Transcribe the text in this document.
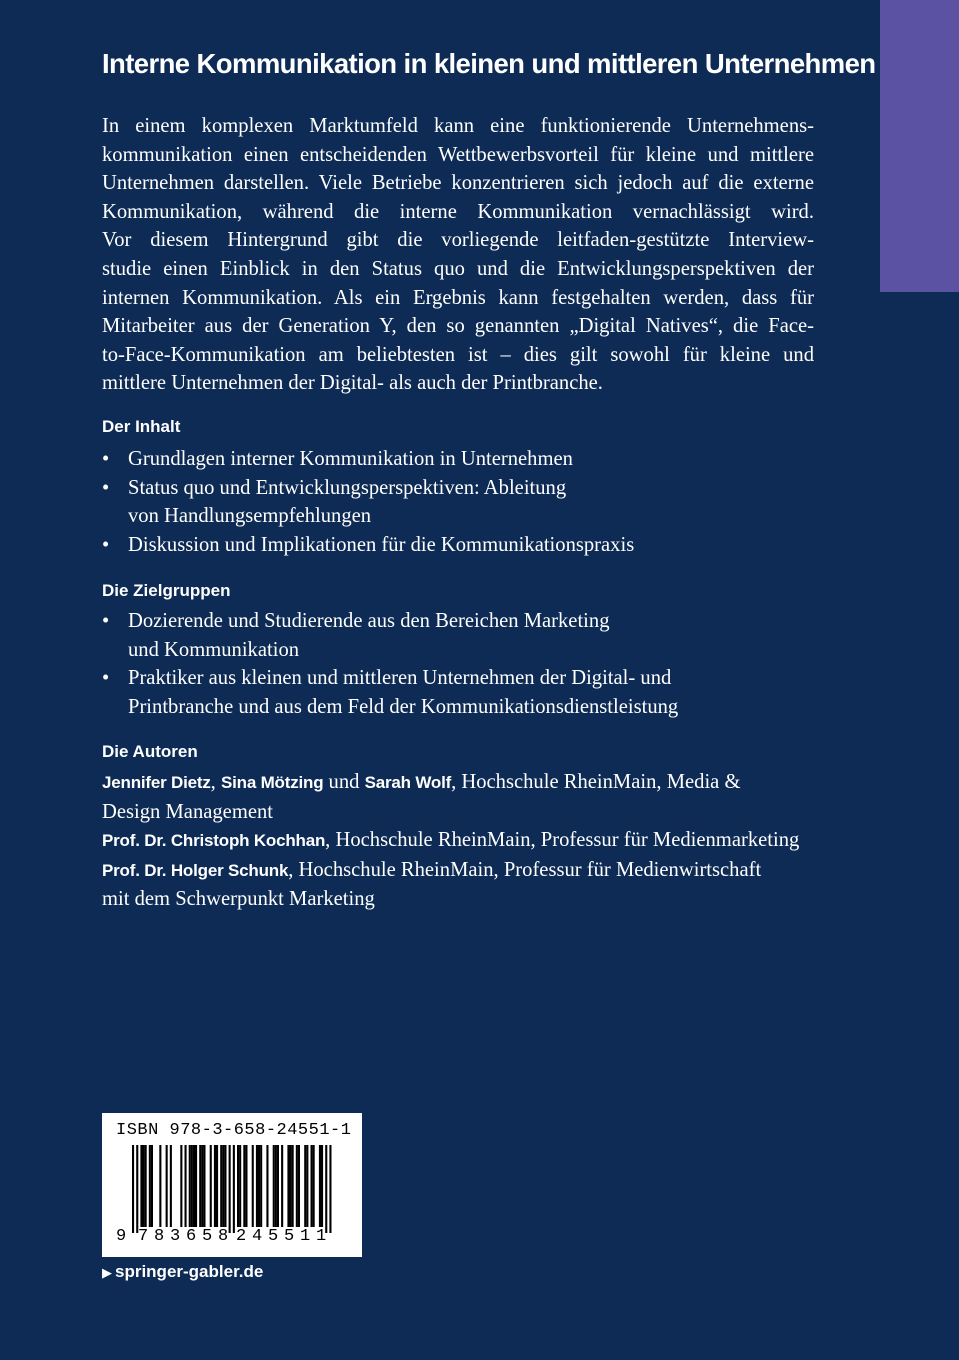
Interne Kommunikation in kleinen und mittleren Unternehmen
In einem komplexen Marktumfeld kann eine funktionierende Unternehmens-
kommunikation einen entscheidenden Wettbewerbsvorteil für kleine und mittlere
Unternehmen darstellen. Viele Betriebe konzentrieren sich jedoch auf die externe
Kommunikation, während die interne Kommunikation vernachlässigt wird.
Vor diesem Hintergrund gibt die vorliegende leitfaden-gestützte Interview-
studie einen Einblick in den Status quo und die Entwicklungsperspektiven der
internen Kommunikation. Als ein Ergebnis kann festgehalten werden, dass für
Mitarbeiter aus der Generation Y, den so genannten „Digital Natives“, die Face-
to-Face-Kommunikation am beliebtesten ist – dies gilt sowohl für kleine und
mittlere Unternehmen der Digital- als auch der Printbranche.
Der Inhalt
• Grundlagen interner Kommunikation in Unternehmen
• Status quo und Entwicklungsperspektiven: Ableitung
von Handlungsempfehlungen
• Diskussion und Implikationen für die Kommunikationspraxis
Die Zielgruppen
• Dozierende und Studierende aus den Bereichen Marketing
und Kommunikation
• Praktiker aus kleinen und mittleren Unternehmen der Digital- und
Printbranche und aus dem Feld der Kommunikationsdienstleistung
Die Autoren
Jennifer Dietz, Sina Mötzing und Sarah Wolf, Hochschule RheinMain, Media &
Design Management
Prof. Dr. Christoph Kochhan, Hochschule RheinMain, Professur für Medienmarketing
Prof. Dr. Holger Schunk, Hochschule RheinMain, Professur für Medienwirtschaft
mit dem Schwerpunkt Marketing
ISBN 978-3-658-24551-1
9 7 8 3 6 5 8 2 4 5 5 1 1
▶ springer-gabler.de
